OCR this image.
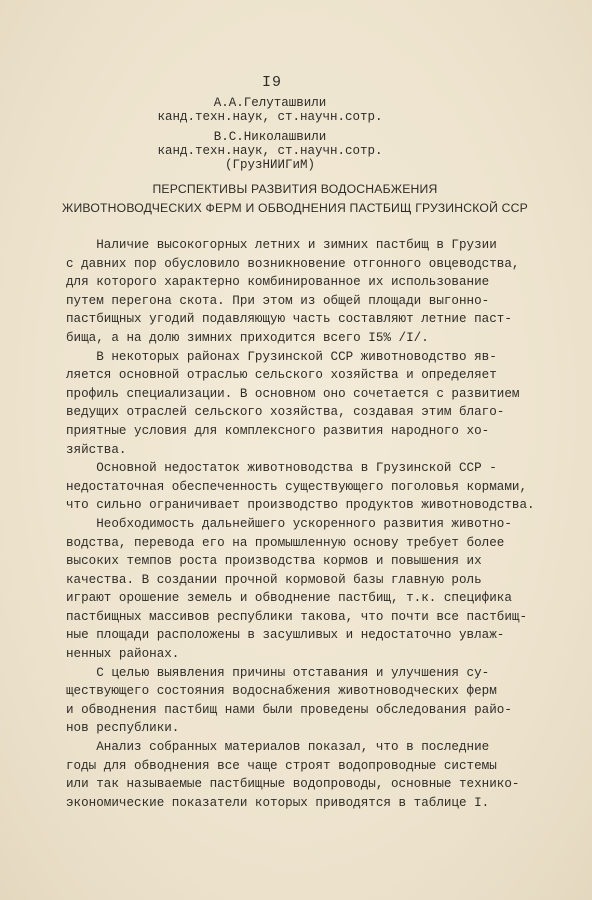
I9
А.А.Гелуташвили
канд.техн.наук, ст.научн.сотр.
В.С.Николашвили
канд.техн.наук, ст.научн.сотр.
(ГрузНИИГиМ)
ПЕРСПЕКТИВЫ РАЗВИТИЯ ВОДОСНАБЖЕНИЯ
ЖИВОТНОВОДЧЕСКИХ ФЕРМ И ОБВОДНЕНИЯ ПАСТБИЩ ГРУЗИНСКОЙ ССР
Наличие высокогорных летних и зимних пастбищ в Грузии
с давних пор обусловило возникновение отгонного овцеводства,
для которого характерно комбинированное их использование
путем перегона скота. При этом из общей площади выгонно-
пастбищных угодий подавляющую часть составляют летние паст-
бища, а на долю зимних приходится всего I5% /I/.
В некоторых районах Грузинской ССР животноводство яв-
ляется основной отраслью сельского хозяйства и определяет
профиль специализации. В основном оно сочетается с развитием
ведущих отраслей сельского хозяйства, создавая этим благо-
приятные условия для комплексного развития народного хо-
зяйства.
Основной недостаток животноводства в Грузинской ССР -
недостаточная обеспеченность существующего поголовья кормами,
что сильно ограничивает производство продуктов животноводства.
Необходимость дальнейшего ускоренного развития животно-
водства, перевода его на промышленную основу требует более
высоких темпов роста производства кормов и повышения их
качества. В создании прочной кормовой базы главную роль
играют орошение земель и обводнение пастбищ, т.к. специфика
пастбищных массивов республики такова, что почти все пастбищ-
ные площади расположены в засушливых и недостаточно увлаж-
ненных районах.
С целью выявления причины отставания и улучшения су-
ществующего состояния водоснабжения животноводческих ферм
и обводнения пастбищ нами были проведены обследования райо-
нов республики.
Анализ собранных материалов показал, что в последние
годы для обводнения все чаще строят водопроводные системы
или так называемые пастбищные водопроводы, основные технико-
экономические показатели которых приводятся в таблице I.
